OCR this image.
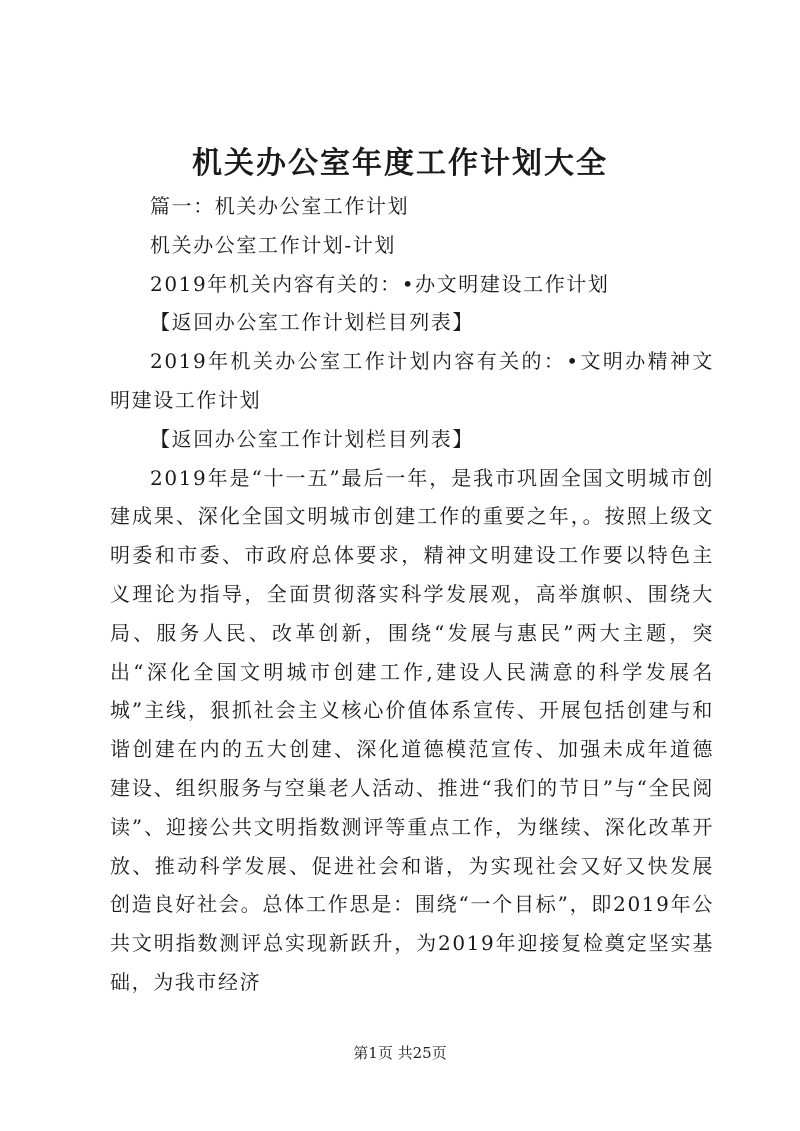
机关办公室年度工作计划大全

篇一：机关办公室工作计划

机关办公室工作计划-计划

2019年机关内容有关的：•办文明建设工作计划

【返回办公室工作计划栏目列表】

2019年机关办公室工作计划内容有关的：•文明办精神文明建设工作计划

【返回办公室工作计划栏目列表】

2019年是“十一五”最后一年，是我市巩固全国文明城市创建成果、深化全国文明城市创建工作的重要之年，。按照上级文明委和市委、市政府总体要求，精神文明建设工作要以特色主义理论为指导，全面贯彻落实科学发展观，高举旗帜、围绕大局、服务人民、改革创新，围绕“发展与惠民”两大主题，突出“深化全国文明城市创建工作,建设人民满意的科学发展名城”主线，狠抓社会主义核心价值体系宣传、开展包括创建与和谐创建在内的五大创建、深化道德模范宣传、加强未成年道德建设、组织服务与空巢老人活动、推进“我们的节日”与“全民阅读”、迎接公共文明指数测评等重点工作，为继续、深化改革开放、推动科学发展、促进社会和谐，为实现社会又好又快发展创造良好社会。总体工作思是：围绕“一个目标”，即2019年公共文明指数测评总实现新跃升，为2019年迎接复检奠定坚实基础，为我市经济

第1页 共25页
